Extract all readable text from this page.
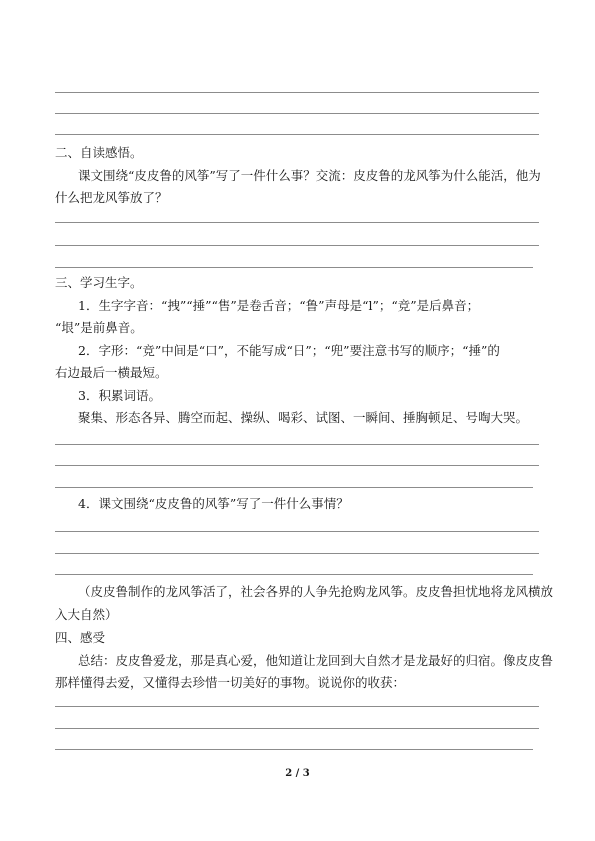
二、自读感悟。
课文围绕“皮皮鲁的风筝”写了一件什么事？交流：皮皮鲁的龙风筝为什么能活，他为
什么把龙风筝放了？
三、学习生字。
1．生字字音：“拽”“捶”“售”是卷舌音；“鲁”声母是“l”；“竞”是后鼻音；
“垠”是前鼻音。
2．字形：“竞”中间是“口”，不能写成“日”；“兜”要注意书写的顺序；“捶”的
右边最后一横最短。
3．积累词语。
聚集、形态各异、腾空而起、操纵、喝彩、试图、一瞬间、捶胸顿足、号啕大哭。
4．课文围绕“皮皮鲁的风筝”写了一件什么事情？
（皮皮鲁制作的龙风筝活了，社会各界的人争先抢购龙风筝。皮皮鲁担忧地将龙风横放
入大自然）
四、感受
总结：皮皮鲁爱龙，那是真心爱，他知道让龙回到大自然才是龙最好的归宿。像皮皮鲁
那样懂得去爱，又懂得去珍惜一切美好的事物。说说你的收获：
2 / 3
